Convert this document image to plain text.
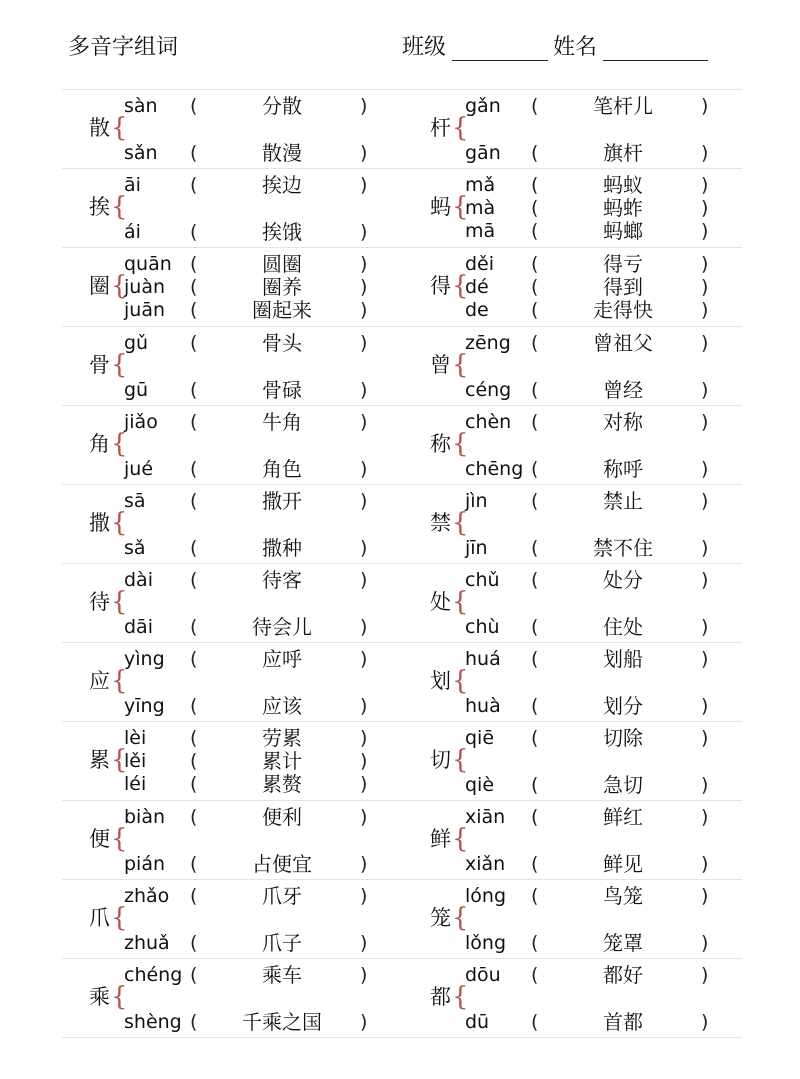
多音字组词	班级	姓名
散 {
sàn (	分散	)
sǎn (	散漫	)
杆 {
gǎn (	笔杆儿	)
gān (	旗杆	)
挨 {
āi	(	挨边	)
ái	(	挨饿	)
蚂 {
mǎ (	蚂蚁	)
mà (	蚂蚱	)
mā (	蚂螂	)
圈 {
quān (	圆圈	)
juàn (	圈养	)
juān (	圈起来	)
得 {
děi (	得亏	)
dé (	得到	)
de (	走得快	)
骨 {
gǔ (	骨头	)
gū (	骨碌	)
曾 {
zēng (	曾祖父	)
céng (	曾经	)
角 {
jiǎo (	牛角	)
jué (	角色	)
称 {
chèn (	对称	)
chēng (	称呼	)
撒 {
sā (	撒开	)
sǎ (	撒种	)
禁 {
jìn (	禁止	)
jīn (	禁不住	)
待 {
dài (	待客	)
dāi (	待会儿	)
处 {
chǔ (	处分	)
chù (	住处	)
应 {
yìng (	应呼	)
yīng (	应该	)
划 {
huá (	划船	)
huà (	划分	)
累 {
lèi (	劳累	)
lěi (	累计	)
léi (	累赘	)
切 {
qiē (	切除	)
qiè (	急切	)
便 {
biàn (	便利	)
pián (	占便宜	)
鲜 {
xiān (	鲜红	)
xiǎn (	鲜见	)
爪 {
zhǎo (	爪牙	)
zhuǎ (	爪子	)
笼 {
lóng (	鸟笼	)
lǒng (	笼罩	)
乘 {
chéng (	乘车	)
shèng (	千乘之国	)
都 {
dōu (	都好	)
dū (	首都	)
